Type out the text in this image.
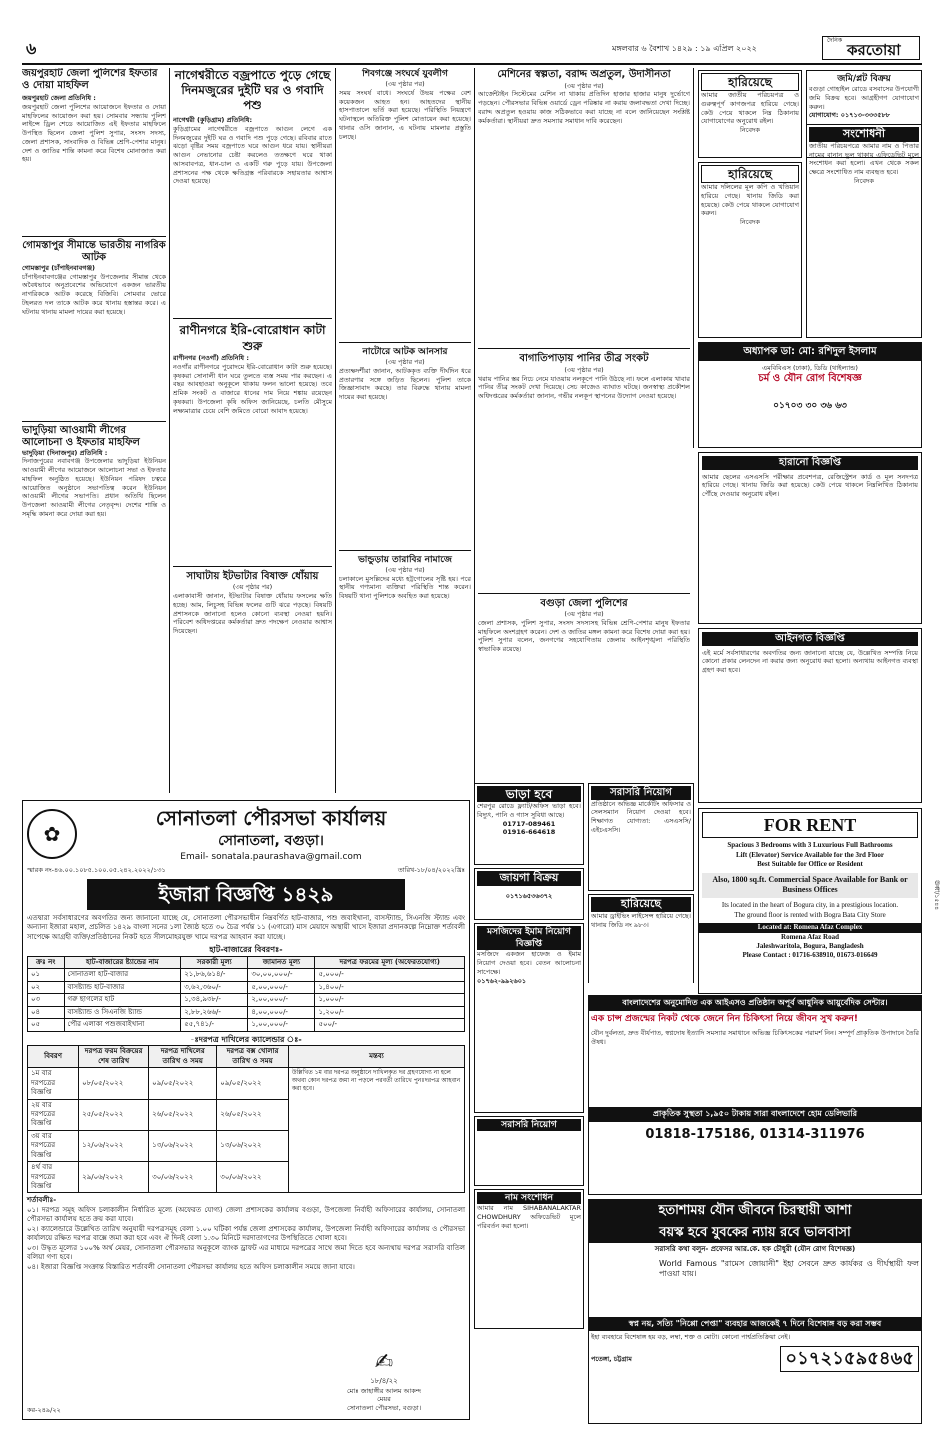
৬	মঙ্গলবার ৬ বৈশাখ ১৪২৯ : ১৯ এপ্রিল ২০২২
দৈনিক
করতোয়া
জয়পুরহাট জেলা পুলিশের ইফতার ও দোয়া মাহফিল
জয়পুরহাট জেলা প্রতিনিধি :
জয়পুরহাট জেলা পুলিশের আয়োজনে ইফতার ও দোয়া মাহফিলের আয়োজন করা হয়। সোমবার সন্ধ্যায় পুলিশ লাইন্সে ড্রিল শেডে আয়োজিত এই ইফতার মাহফিলে উপস্থিত ছিলেন জেলা পুলিশ সুপার, সংসদ সদস্য, জেলা প্রশাসক, সাংবাদিক ও বিভিন্ন শ্রেণি-পেশার মানুষ। দেশ ও জাতির শান্তি কামনা করে বিশেষ মোনাজাত করা হয়।
গোমস্তাপুর সীমান্তে ভারতীয় নাগরিক আটক
গোমস্তাপুর (চাঁপাইনবাবগঞ্জ)
চাঁপাইনবাবগঞ্জের গোমস্তাপুর উপজেলার সীমান্ত থেকে অবৈধভাবে অনুপ্রবেশের অভিযোগে একজন ভারতীয় নাগরিককে আটক করেছে বিজিবি। সোমবার ভোরে টহলরত দল তাকে আটক করে থানায় হস্তান্তর করে। এ ঘটনায় থানায় মামলা দায়ের করা হয়েছে।
ভাদুড়িয়া আওয়ামী লীগের আলোচনা ও ইফতার মাহফিল
ভাদুড়িয়া (দিনাজপুর) প্রতিনিধি :
দিনাজপুরের নবাবগঞ্জ উপজেলার ভাদুড়িয়া ইউনিয়ন আওয়ামী লীগের আয়োজনে আলোচনা সভা ও ইফতার মাহফিল অনুষ্ঠিত হয়েছে। ইউনিয়ন পরিষদ চত্বরে আয়োজিত অনুষ্ঠানে সভাপতিত্ব করেন ইউনিয়ন আওয়ামী লীগের সভাপতি। প্রধান অতিথি ছিলেন উপজেলা আওয়ামী লীগের নেতৃবৃন্দ। দেশের শান্তি ও সমৃদ্ধি কামনা করে দোয়া করা হয়।
নাগেশ্বরীতে বজ্রপাতে পুড়ে গেছে দিনমজুরের দুইটি ঘর ও গবাদি পশু
নাগেশ্বরী (কুড়িগ্রাম) প্রতিনিধি:
কুড়িগ্রামের নাগেশ্বরীতে বজ্রপাতে আগুন লেগে এক দিনমজুরের দুইটি ঘর ও গবাদি পশু পুড়ে গেছে। রবিবার রাতে ঝড়ো বৃষ্টির সময় বজ্রপাতে ঘরে আগুন ধরে যায়। স্থানীয়রা আগুন নেভানোর চেষ্টা করলেও ততক্ষণে ঘরে থাকা আসবাবপত্র, ধান-চাল ও একটি গরু পুড়ে যায়। উপজেলা প্রশাসনের পক্ষ থেকে ক্ষতিগ্রস্ত পরিবারকে সহায়তার আশ্বাস দেওয়া হয়েছে।
রাণীনগরে ইরি-বোরোধান কাটা শুরু
রাণীনগর (নওগাঁ) প্রতিনিধি :
নওগাঁর রাণীনগরে পুরোদমে ইরি-বোরোধান কাটা শুরু হয়েছে। কৃষকরা সোনালী ধান ঘরে তুলতে ব্যস্ত সময় পার করছেন। এ বছর আবহাওয়া অনুকূলে থাকায় ফলন ভালো হয়েছে। তবে শ্রমিক সংকট ও বাজারে ধানের দাম নিয়ে শঙ্কায় রয়েছেন কৃষকরা। উপজেলা কৃষি অফিস জানিয়েছে, চলতি মৌসুমে লক্ষ্যমাত্রার চেয়ে বেশি জমিতে বোরো আবাদ হয়েছে।
সাঘাটায় ইটভাটার বিষাক্ত ধোঁয়ায়
(৩য় পৃষ্ঠার পর)
এলাকাবাসী জানান, ইটভাটার বিষাক্ত ধোঁয়ায় ফসলের ক্ষতি হচ্ছে। আম, লিচুসহ বিভিন্ন ফলের গুটি ঝরে পড়ছে। বিষয়টি প্রশাসনকে জানানো হলেও কোনো ব্যবস্থা নেওয়া হয়নি। পরিবেশ অধিদপ্তরের কর্মকর্তারা দ্রুত পদক্ষেপ নেওয়ার আশ্বাস দিয়েছেন।
শিবগঞ্জে সংঘর্ষে যুবলীগ
(৩য় পৃষ্ঠার পর)
সময় সংঘর্ষ বাধে। সংঘর্ষে উভয় পক্ষের বেশ কয়েকজন আহত হন। আহতদের স্থানীয় হাসপাতালে ভর্তি করা হয়েছে। পরিস্থিতি নিয়ন্ত্রণে ঘটনাস্থলে অতিরিক্ত পুলিশ মোতায়েন করা হয়েছে। থানার ওসি জানান, এ ঘটনায় মামলার প্রস্তুতি চলছে।
নাটোরে আটক আনসার
(৩য় পৃষ্ঠার পর)
প্রত্যক্ষদর্শীরা জানান, আটককৃত ব্যক্তি দীর্ঘদিন ধরে প্রতারণার সঙ্গে জড়িত ছিলেন। পুলিশ তাকে জিজ্ঞাসাবাদ করছে। তার বিরুদ্ধে থানায় মামলা দায়ের করা হয়েছে।
ভান্ডুড়ায় তারাবির নামাজে
(৩য় পৃষ্ঠার পর)
চলাকালে মুসল্লিদের মধ্যে হট্টগোলের সৃষ্টি হয়। পরে স্থানীয় গণ্যমান্য ব্যক্তিরা পরিস্থিতি শান্ত করেন। বিষয়টি থানা পুলিশকে অবহিত করা হয়েছে।
মেশিনের স্বল্পতা, বরাদ্দ অপ্রতুল, উদাসীনতা
(৩য় পৃষ্ঠার পর)
আর্জেন্টাইন সিস্টেমের মেশিন না থাকায় প্রতিদিন হাজার হাজার মানুষ দুর্ভোগে পড়ছেন। পৌরসভার বিভিন্ন ওয়ার্ডে ড্রেন পরিষ্কার না করায় জলাবদ্ধতা দেখা দিচ্ছে। বরাদ্দ অপ্রতুল হওয়ায় কাজ সঠিকভাবে করা যাচ্ছে না বলে জানিয়েছেন সংশ্লিষ্ট কর্মকর্তারা। স্থানীয়রা দ্রুত সমস্যার সমাধান দাবি করেছেন।
বাগাতিপাড়ায় পানির তীব্র সংকট
(৩য় পৃষ্ঠার পর)
খরায় পানির স্তর নিচে নেমে যাওয়ায় নলকূপে পানি উঠছে না। ফলে এলাকায় খাবার পানির তীব্র সংকট দেখা দিয়েছে। সেচ কাজেও ব্যাঘাত ঘটছে। জনস্বাস্থ্য প্রকৌশল অধিদপ্তরের কর্মকর্তারা জানান, গভীর নলকূপ স্থাপনের উদ্যোগ নেওয়া হয়েছে।
বগুড়া জেলা পুলিশের
(৩য় পৃষ্ঠার পর)
জেলা প্রশাসক, পুলিশ সুপার, সংসদ সদস্যসহ বিভিন্ন শ্রেণি-পেশার মানুষ ইফতার মাহফিলে অংশগ্রহণ করেন। দেশ ও জাতির মঙ্গল কামনা করে বিশেষ দোয়া করা হয়। পুলিশ সুপার বলেন, জনগণের সহযোগিতায় জেলায় আইনশৃঙ্খলা পরিস্থিতি স্বাভাবিক রয়েছে।
হারিয়েছে
আমার জাতীয় পরিচয়পত্র ও গুরুত্বপূর্ণ কাগজপত্র হারিয়ে গেছে। কেউ পেয়ে থাকলে নিম্ন ঠিকানায় যোগাযোগের অনুরোধ রইল।
নিবেদক
জমি/প্লট বিক্রয়
বগুড়া গোহাইল রোডে বসবাসের উপযোগী জমি বিক্রয় হবে। আগ্রহীগণ যোগাযোগ করুন।
যোগাযোগ: ০১৭১৩-৩৩৩৫৮৮
হারিয়েছে
আমার দলিলের মূল কপি ও খতিয়ান হারিয়ে গেছে। থানায় জিডি করা হয়েছে। কেউ পেয়ে থাকলে যোগাযোগ করুন।
নিবেদক
সংশোধনী
জাতীয় পরিচয়পত্রে আমার নাম ও পিতার নামের বানান ভুল থাকায় এফিডেভিট মূলে সংশোধন করা হলো। এখন থেকে সকল ক্ষেত্রে সংশোধিত নাম ব্যবহৃত হবে।
নিবেদক
অধ্যাপক ডা: মো: রশিদুল ইসলাম
এমবিবিএস (ঢাকা), ডিডি (থাইল্যান্ড)
চর্ম ও যৌন রোগ বিশেষজ্ঞ
০১৭০৩ ৩০ ৩৬ ৬৩
হারানো বিজ্ঞপ্তি
আমার ছেলের এসএসসি পরীক্ষার প্রবেশপত্র, রেজিস্ট্রেশন কার্ড ও মূল সনদপত্র হারিয়ে গেছে। থানায় জিডি করা হয়েছে। কেউ পেয়ে থাকলে নিম্নলিখিত ঠিকানায় পৌঁছে দেওয়ার অনুরোধ রইল।
আইনগত বিজ্ঞপ্তি
এই মর্মে সর্বসাধারণের অবগতির জন্য জানানো যাচ্ছে যে, উল্লেখিত সম্পত্তি নিয়ে কোনো প্রকার লেনদেন না করার জন্য অনুরোধ করা হলো। অন্যথায় আইনগত ব্যবস্থা গ্রহণ করা হবে।
FOR RENT
Spacious 3 Bedrooms with 3 Luxurious Full Bathrooms
Lift (Elevator) Service Available for the 3rd Floor
Best Suitable for Office or Resident
Also, 1800 sq.ft. Commercial Space Available for Bank or Business Offices
Its located in the heart of Bogura city, in a prestigious location.
The ground floor is rented with Bogra Bata City Store
Located at: Romena Afaz Complex
Romena Afaz Road
Jaleshwaritola, Bogura, Bangladesh
Please Contact : 01716-638910, 01673-016649
✿
সোনাতলা পৌরসভা কার্যালয়
সোনাতলা, বগুড়া।
Email- sonatala.paurashava@gmail.com
স্মারক নং-৪৬.০০.১০৮৫.১০০.০৫.২৪২.২০২২/১৩১	তারিখ-১৮/০৪/২০২২খ্রিঃ
ইজারা বিজ্ঞপ্তি ১৪২৯
এতদ্বারা সর্বসাধারণের অবগতির জন্য জানানো যাচ্ছে যে, সোনাতলা পৌরসভাধীন নিম্নবর্ণিত হাট-বাজার, পশু জবাইখানা, বাসস্ট্যান্ড, সিএনজি স্ট্যান্ড এবং অন্যান্য ইজারা মহাল, প্রচলিত ১৪২৯ বাংলা সনের ১লা জ্যৈষ্ঠ হতে ৩০ চৈত্র পর্যন্ত ১১ (এগারো) মাস মেয়াদে অস্থায়ী খাসে ইজারা প্রদানকল্পে নিম্নোক্ত শর্তাবলী সাপেক্ষে আগ্রহী ব্যক্তি/প্রতিষ্ঠানের নিকট হতে সীলমোহরযুক্ত খামে দরপত্র আহবান করা যাচ্ছে।
হাট-বাজারের বিবরণঃ-
ক্রঃ নং	হাট-বাজারের ষ্ট্যান্ডের নাম	সরকারী মূল্য	জামানত মূল্য	দরপত্র ফরমের মূল্য (অফেরতযোগ্য)
০১	সোনাতলা হাট-বাজার	২১,৮৬,৬১৪/-	৩০,০০,০০০/-	৫,০০০/-
০২	বাসষ্ট্যান্ড হাট-বাজার	৩,৬২,৩৬০/-	৫,০০,০০০/-	১,৪০০/-
০৩	গরু ছাগলের হাট	১,৩৪,৯৩৮/-	২,০০,০০০/-	১,০০০/-
০৪	বাসষ্ট্যান্ড ও সিএনজি ষ্ট্যান্ড	২,৮৮,২৬৬/-	৪,০০,০০০/-	১,২০০/-
০৫	পৌর এলাকা পশুজবাইখানা	৫৫,৭৪১/-	১,০০,০০০/-	৫০০/-
-ঃদরপত্র দাখিলের ক্যালেন্ডার ঃ-
বিবরণ	দরপত্র ফরম বিক্রয়ের শেষ তারিখ	দরপত্র দাখিলের তারিখ ও সময়	দরপত্র বক্স খোলার তারিখ ও সময়	মন্তব্য
১ম বার দরপত্রের বিজ্ঞপ্তি	০৮/০৫/২০২২	০৯/০৫/২০২২	০৯/০৫/২০২২	উল্লিখিত ১ম বার দরপত্র অনুষ্ঠানে দাখিলকৃত দর গ্রহণযোগ্য না হলে অথবা কোন দরপত্র জমা না পড়লে পরবর্তী তারিখে পুনঃদরপত্র আহবান করা হবে।
২য় বার দরপত্রের বিজ্ঞপ্তি	২৫/০৫/২০২২	২৬/০৫/২০২২	২৬/০৫/২০২২	
৩য় বার দরপত্রের বিজ্ঞপ্তি	১২/০৬/২০২২	১৩/০৬/২০২২	১৩/০৬/২০২২	
৪র্থ বার দরপত্রের বিজ্ঞপ্তি	২৯/০৬/২০২২	৩০/০৬/২০২২	৩০/০৬/২০২২	
শর্তাবলীঃ-
০১। দরপত্র সমূহ অফিস চলাকালীন নির্ধারিত মূল্যে (অফেরত যোগ্য) জেলা প্রশাসকের কার্যালয় বগুড়া, উপজেলা নির্বাহী অফিসারের কার্যালয়, সোনাতলা পৌরসভা কার্যালয় হতে ক্রয় করা যাবে।
০২। ক্যালেন্ডারে উল্লেখিত তারিখ অনুযায়ী দরপত্রসমূহ বেলা ১.০০ ঘটিকা পর্যন্ত জেলা প্রশাসকের কার্যালয়, উপজেলা নির্বাহী অফিসারের কার্যালয় ও পৌরসভা কার্যালয়ে রক্ষিত দরপত্র বাক্সে জমা করা হবে এবং ঐ দিনই বেলা ১.৩০ মিনিটে দরদাতাগণের উপস্থিতিতে খোলা হবে।
০৩। উদ্ধৃত মূল্যের ১০০% অর্থ মেয়র, সোনাতলা পৌরসভার অনুকূলে ব্যাংক ড্রাফট এর মাধ্যমে দরপত্রের সাথে জমা দিতে হবে অন্যথায় দরপত্র সরাসরি বাতিল বলিয়া গণ্য হবে।
০৪। ইজারা বিজ্ঞপ্তি সংক্রান্ত বিস্তারিত শর্তাবলী সোনাতলা পৌরসভা কার্যালয় হতে অফিস চলাকালীন সময়ে জানা যাবে।
✍
১৮/৪/২২
মোঃ জাহাঙ্গীর আলম আকন্দ
মেয়র
সোনাতলা পৌরসভা, বগুড়া।
কর-২৪৯/২২
ভাড়া হবে
শেরপুর রোডে ফ্ল্যাট/অফিস ভাড়া হবে। বিদ্যুৎ, পানি ও গ্যাস সুবিধা আছে।
01717-089461
01916-664618
জায়গা বিক্রয়
০১৭১৬৫৩৬৩৭২
মসজিদের ইমাম নিয়োগ বিজ্ঞপ্তি
মসজিদে একজন হাফেজ ও ইমাম নিয়োগ দেওয়া হবে। বেতন আলোচনা সাপেক্ষে।
০১৭৬২-৯৯২৬০১
সরাসরি নিয়োগ
নাম সংশোধন
আমার নাম SIHABANALAKTAR CHOWDHURY অফিডেভিট মূলে পরিবর্তন করা হলো।
সরাসরি নিয়োগ
প্রতিষ্ঠানে অভিজ্ঞ মার্কেটিং অফিসার ও সেলসম্যান নিয়োগ দেওয়া হবে। শিক্ষাগত যোগ্যতা: এসএসসি/এইচএসসি।
হারিয়েছে
আমার ড্রাইভিং লাইসেন্স হারিয়ে গেছে। থানায় জিডি নং ৯৮৩।
বাংলাদেশের অনুমোদিত এক আইএসও প্রতিষ্ঠান অপূর্ব আধুনিক আয়ুর্বেদিক সেন্টার।
এক চান্স প্রজন্মের নিকট থেকে জেনে নিন চিকিৎসা নিয়ে জীবন সুখ করুন!
যৌন দুর্বলতা, দ্রুত বীর্যপাত, স্বপ্নদোষ ইত্যাদি সমস্যার সমাধানে অভিজ্ঞ চিকিৎসকের পরামর্শ নিন। সম্পূর্ণ প্রাকৃতিক উপাদানে তৈরি ঔষধ।
প্রাকৃতিক সুস্থতা ১,৯৫০ টাকায় সারা বাংলাদেশে হোম ডেলিভারি
01818-175186, 01314-311976
হতাশাময় যৌন জীবনে চিরস্থায়ী আশা
বয়স্ক হবে যুবকের ন্যায় রবে ভালবাসা
সরাসরি কথা বলুন- প্রফেসর আর.কে. হক চৌধুরী (যৌন রোগ বিশেষজ্ঞ)
World Famous "রামেস জোয়ানী" ইহা সেবনে দ্রুত কার্যকর ও দীর্ঘস্থায়ী ফল পাওয়া যায়।
স্বপ্ন নয়, সত্যি "নিপ্পো পেপ্তা" ব্যবহার আজকেই ৭ দিনে বিশেষাঙ্গ বড় করা সম্ভব
ইহা ব্যবহারে বিশেষাঙ্গ হয় বড়, লম্বা, শক্ত ও মোটা। কোনো পার্শ্বপ্রতিক্রিয়া নেই।
পতেঙ্গা, চট্টগ্রাম	০১৭২১৫৯৫৪৬৫
ঊব্বী/১৫৪৪
